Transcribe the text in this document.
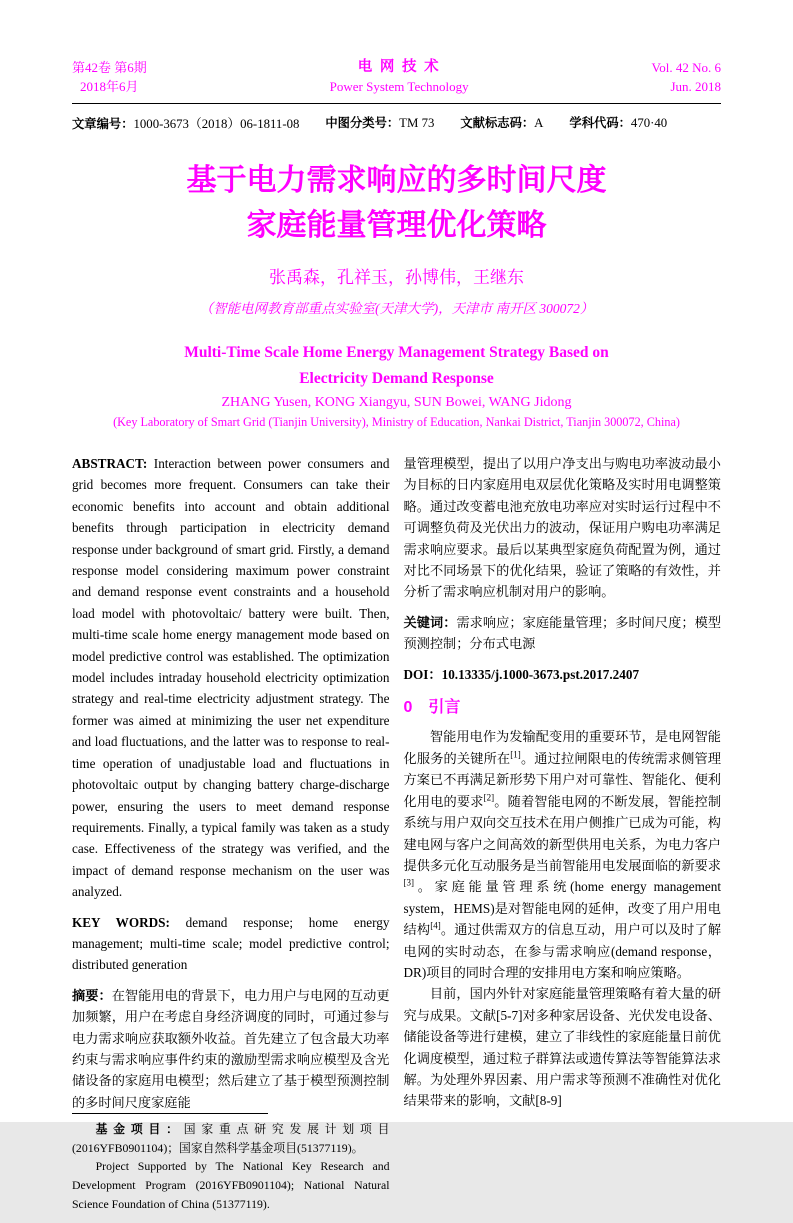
第42卷 第6期
2018年6月
电 网 技 术
Power System Technology
Vol. 42 No. 6
Jun. 2018
文章编号：1000-3673（2018）06-1811-08 中图分类号：TM 73 文献标志码：A 学科代码：470·40
基于电力需求响应的多时间尺度
家庭能量管理优化策略
张禹森，孔祥玉，孙博伟，王继东
（智能电网教育部重点实验室(天津大学)，天津市 南开区 300072）
Multi-Time Scale Home Energy Management Strategy Based on
Electricity Demand Response
ZHANG Yusen, KONG Xiangyu, SUN Bowei, WANG Jidong
(Key Laboratory of Smart Grid (Tianjin University), Ministry of Education, Nankai District, Tianjin 300072, China)

ABSTRACT: Interaction between power consumers and grid becomes more frequent. Consumers can take their economic benefits into account and obtain additional benefits through participation in electricity demand response under background of smart grid. Firstly, a demand response model considering maximum power constraint and demand response event constraints and a household load model with photovoltaic/ battery were built. Then, multi-time scale home energy management mode based on model predictive control was established. The optimization model includes intraday household electricity optimization strategy and real-time electricity adjustment strategy. The former was aimed at minimizing the user net expenditure and load fluctuations, and the latter was to response to real-time operation of unadjustable load and fluctuations in photovoltaic output by changing battery charge-discharge power, ensuring the users to meet demand response requirements. Finally, a typical family was taken as a study case. Effectiveness of the strategy was verified, and the impact of demand response mechanism on the user was analyzed.

KEY WORDS: demand response; home energy management; multi-time scale; model predictive control; distributed generation

摘要：在智能用电的背景下，电力用户与电网的互动更加频繁，用户在考虑自身经济调度的同时，可通过参与电力需求响应获取额外收益。首先建立了包含最大功率约束与需求响应事件约束的激励型需求响应模型及含光储设备的家庭用电模型；然后建立了基于模型预测控制的多时间尺度家庭能

基金项目：国家重点研究发展计划项目(2016YFB0901104)；国家自然科学基金项目(51377119)。

Project Supported by The National Key Research and Development Program (2016YFB0901104); National Natural Science Foundation of China (51377119).

量管理模型，提出了以用户净支出与购电功率波动最小为目标的日内家庭用电双层优化策略及实时用电调整策略。通过改变蓄电池充放电功率应对实时运行过程中不可调整负荷及光伏出力的波动，保证用户购电功率满足需求响应要求。最后以某典型家庭负荷配置为例，通过对比不同场景下的优化结果，验证了策略的有效性，并分析了需求响应机制对用户的影响。

关键词：需求响应；家庭能量管理；多时间尺度；模型预测控制；分布式电源

DOI：10.13335/j.1000-3673.pst.2017.2407

0 引言

智能用电作为发输配变用的重要环节，是电网智能化服务的关键所在[1]。通过拉闸限电的传统需求侧管理方案已不再满足新形势下用户对可靠性、智能化、便利化用电的要求[2]。随着智能电网的不断发展，智能控制系统与用户双向交互技术在用户侧推广已成为可能，构建电网与客户之间高效的新型供用电关系，为电力客户提供多元化互动服务是当前智能用电发展面临的新要求[3]。家庭能量管理系统(home energy management system，HEMS)是对智能电网的延伸，改变了用户用电结构[4]。通过供需双方的信息互动，用户可以及时了解电网的实时动态，在参与需求响应(demand response，DR)项目的同时合理的安排用电方案和响应策略。

目前，国内外针对家庭能量管理策略有着大量的研究与成果。文献[5-7]对多种家居设备、光伏发电设备、储能设备等进行建模，建立了非线性的家庭能量日前优化调度模型，通过粒子群算法或遗传算法等智能算法求解。为处理外界因素、用户需求等预测不准确性对优化结果带来的影响，文献[8-9]
